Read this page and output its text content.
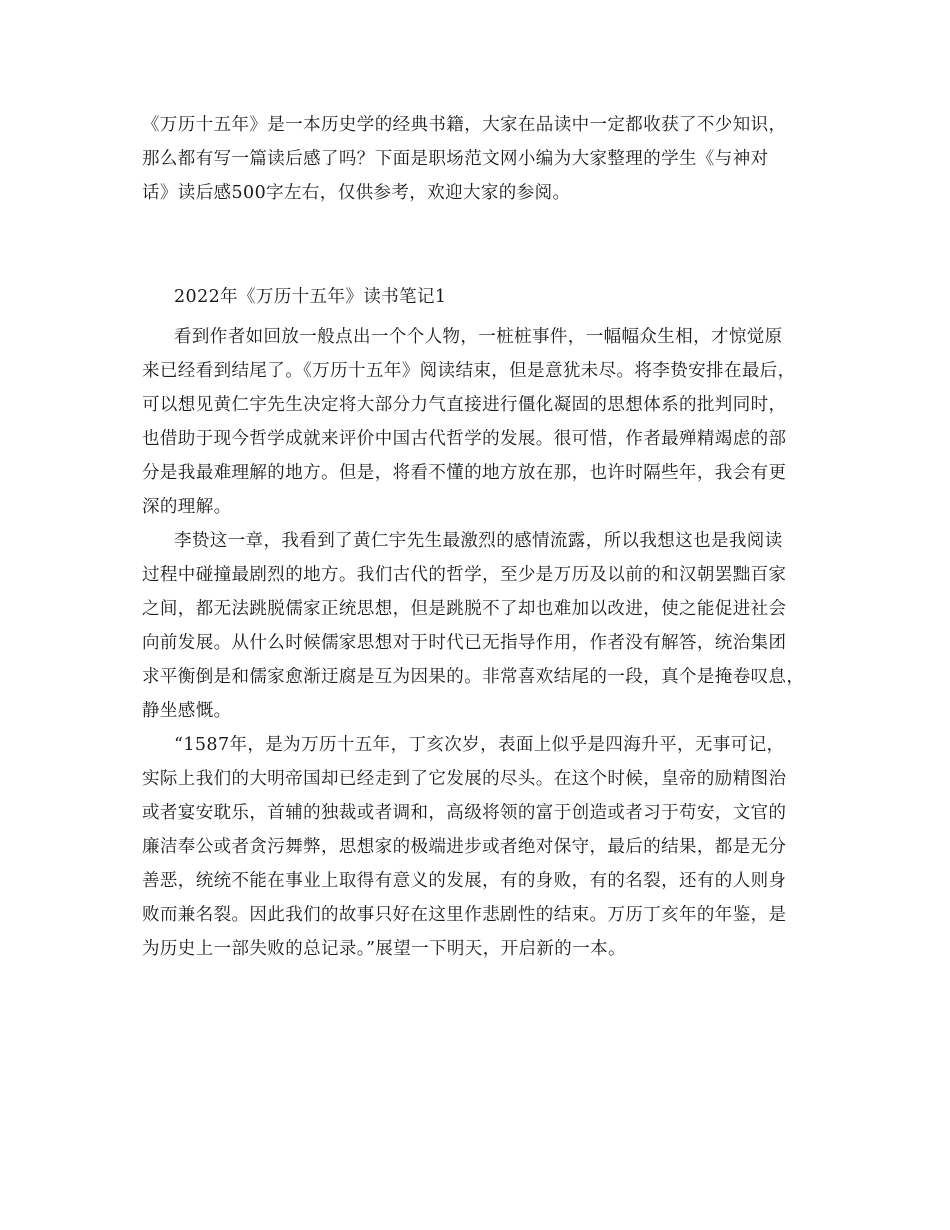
《万历十五年》是一本历史学的经典书籍，大家在品读中一定都收获了不少知识，
那么都有写一篇读后感了吗？下面是职场范文网小编为大家整理的学生《与神对
话》读后感500字左右，仅供参考，欢迎大家的参阅。
2022年《万历十五年》读书笔记1
看到作者如回放一般点出一个个人物，一桩桩事件，一幅幅众生相，才惊觉原
来已经看到结尾了。《万历十五年》阅读结束，但是意犹未尽。将李贽安排在最后，
可以想见黄仁宇先生决定将大部分力气直接进行僵化凝固的思想体系的批判同时，
也借助于现今哲学成就来评价中国古代哲学的发展。很可惜，作者最殚精竭虑的部
分是我最难理解的地方。但是，将看不懂的地方放在那，也许时隔些年，我会有更
深的理解。
李贽这一章，我看到了黄仁宇先生最激烈的感情流露，所以我想这也是我阅读
过程中碰撞最剧烈的地方。我们古代的哲学，至少是万历及以前的和汉朝罢黜百家
之间，都无法跳脱儒家正统思想，但是跳脱不了却也难加以改进，使之能促进社会
向前发展。从什么时候儒家思想对于时代已无指导作用，作者没有解答，统治集团
求平衡倒是和儒家愈渐迂腐是互为因果的。非常喜欢结尾的一段，真个是掩卷叹息，
静坐感慨。
“1587年，是为万历十五年，丁亥次岁，表面上似乎是四海升平，无事可记，
实际上我们的大明帝国却已经走到了它发展的尽头。在这个时候，皇帝的励精图治
或者宴安耽乐，首辅的独裁或者调和，高级将领的富于创造或者习于苟安，文官的
廉洁奉公或者贪污舞弊，思想家的极端进步或者绝对保守，最后的结果，都是无分
善恶，统统不能在事业上取得有意义的发展，有的身败，有的名裂，还有的人则身
败而兼名裂。因此我们的故事只好在这里作悲剧性的结束。万历丁亥年的年鉴，是
为历史上一部失败的总记录。”展望一下明天，开启新的一本。
